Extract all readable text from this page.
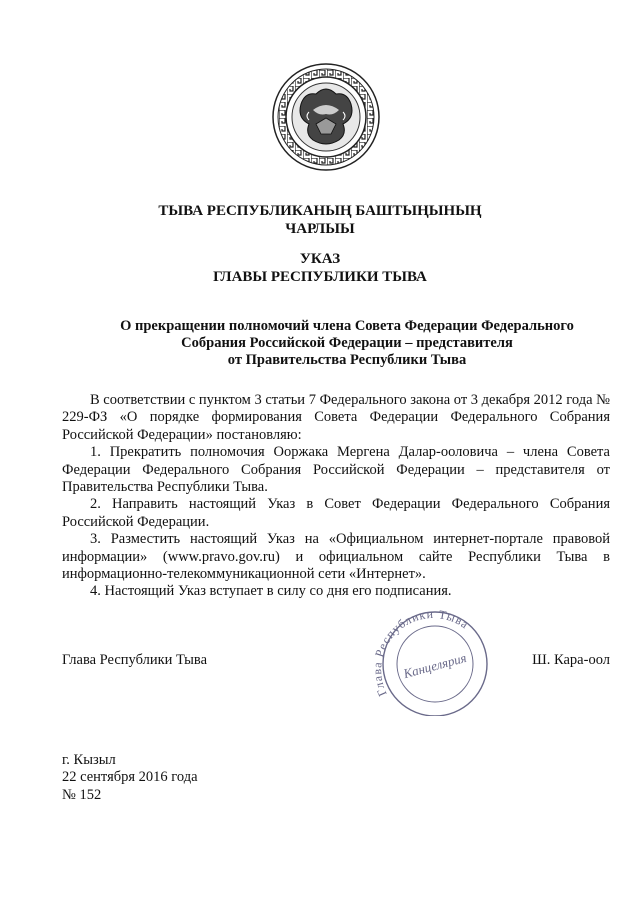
ТЫВА РЕСПУБЛИКАНЫҢ БАШТЫҢЫНЫҢ
ЧАРЛЫЫ
УКАЗ
ГЛАВЫ РЕСПУБЛИКИ ТЫВА
О прекращении полномочий члена Совета Федерации Федерального
Собрания Российской Федерации – представителя
от Правительства Республики Тыва

В соответствии с пунктом 3 статьи 7 Федерального закона от 3 декабря 2012 года № 229-ФЗ «О порядке формирования Совета Федерации Федерального Собрания Российской Федерации» постановляю:

1. Прекратить полномочия Ооржака Мергена Далар-ооловича – члена Совета Федерации Федерального Собрания Российской Федерации – представителя от Правительства Республики Тыва.

2. Направить настоящий Указ в Совет Федерации Федерального Собрания Российской Федерации.

3. Разместить настоящий Указ на «Официальном интернет-портале правовой информации» (www.pravo.gov.ru) и официальном сайте Республики Тыва в информационно-телекоммуникационной сети «Интернет».

4. Настоящий Указ вступает в силу со дня его подписания.

Глава Республики Тыва
Канцелярия
Глава Республики Тыва	Ш. Кара-оол
г. Кызыл
22 сентября 2016 года
№ 152
